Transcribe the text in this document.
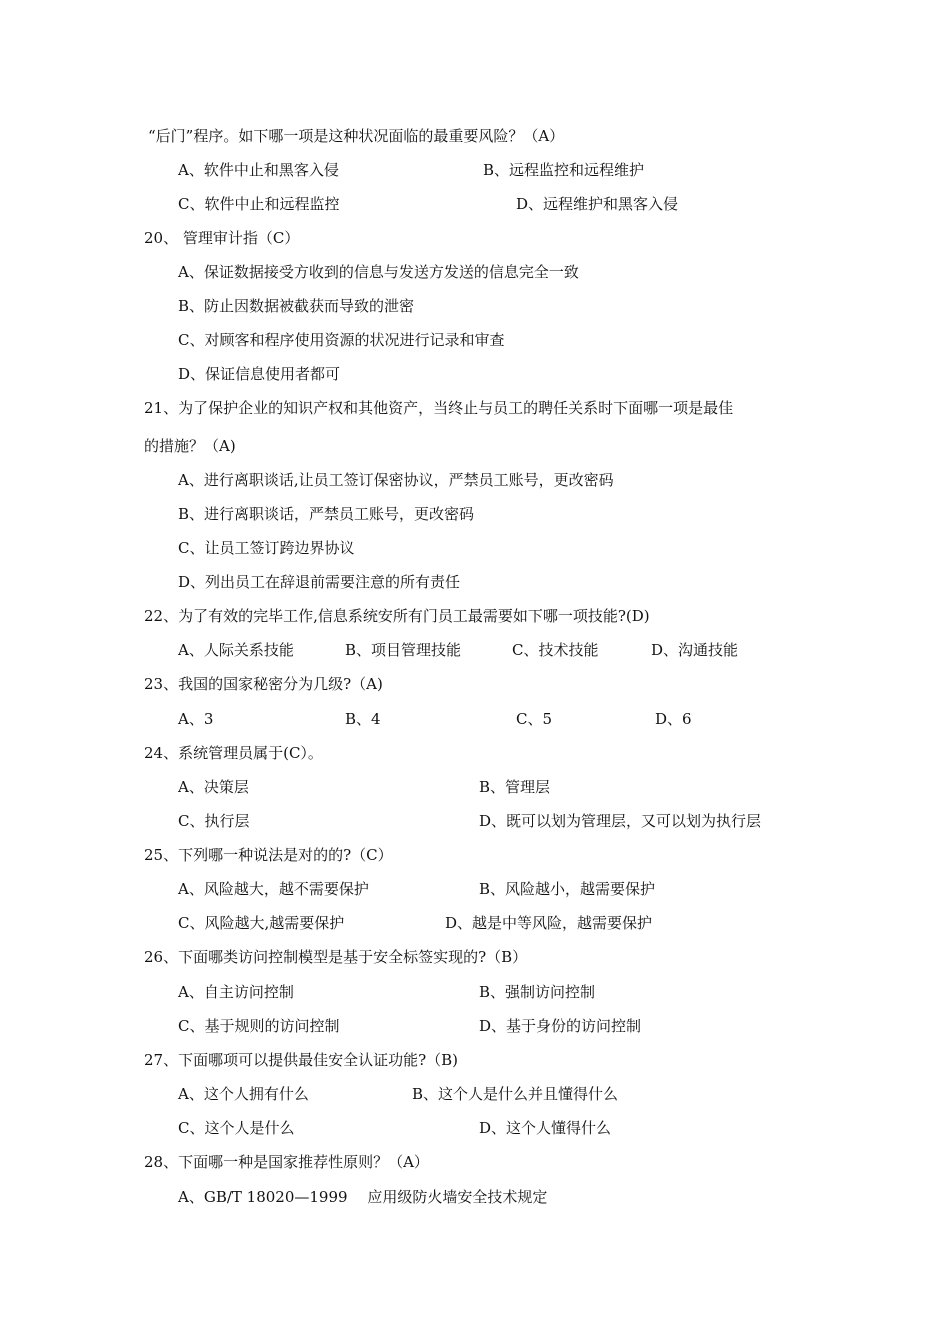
“后门”程序。如下哪一项是这种状况面临的最重要风险？（A）
A、软件中止和黑客入侵	B、远程监控和远程维护
C、软件中止和远程监控	D、远程维护和黑客入侵
20、 管理审计指（C）
A、保证数据接受方收到的信息与发送方发送的信息完全一致
B、防止因数据被截获而导致的泄密
C、对顾客和程序使用资源的状况进行记录和审查
D、保证信息使用者都可
21、为了保护企业的知识产权和其他资产，当终止与员工的聘任关系时下面哪一项是最佳
的措施？（A)
A、进行离职谈话,让员工签订保密协议，严禁员工账号，更改密码
B、进行离职谈话，严禁员工账号，更改密码
C、让员工签订跨边界协议
D、列出员工在辞退前需要注意的所有责任
22、为了有效的完毕工作,信息系统安所有门员工最需要如下哪一项技能?(D)
A、人际关系技能	B、项目管理技能	C、技术技能	D、沟通技能
23、我国的国家秘密分为几级?（A)
A、3	B、4	C、5	D、6
24、系统管理员属于(C）。
A、决策层	B、管理层
C、执行层	D、既可以划为管理层，又可以划为执行层
25、下列哪一种说法是对的的?（C）
A、风险越大，越不需要保护	B、风险越小，越需要保护
C、风险越大,越需要保护	D、越是中等风险，越需要保护
26、下面哪类访问控制模型是基于安全标签实现的?（B）
A、自主访问控制	B、强制访问控制
C、基于规则的访问控制	D、基于身份的访问控制
27、下面哪项可以提供最佳安全认证功能?（B)
A、这个人拥有什么	B、这个人是什么并且懂得什么
C、这个人是什么	D、这个人懂得什么
28、下面哪一种是国家推荐性原则？（A）
A、GB/T 18020—1999　 应用级防火墙安全技术规定
